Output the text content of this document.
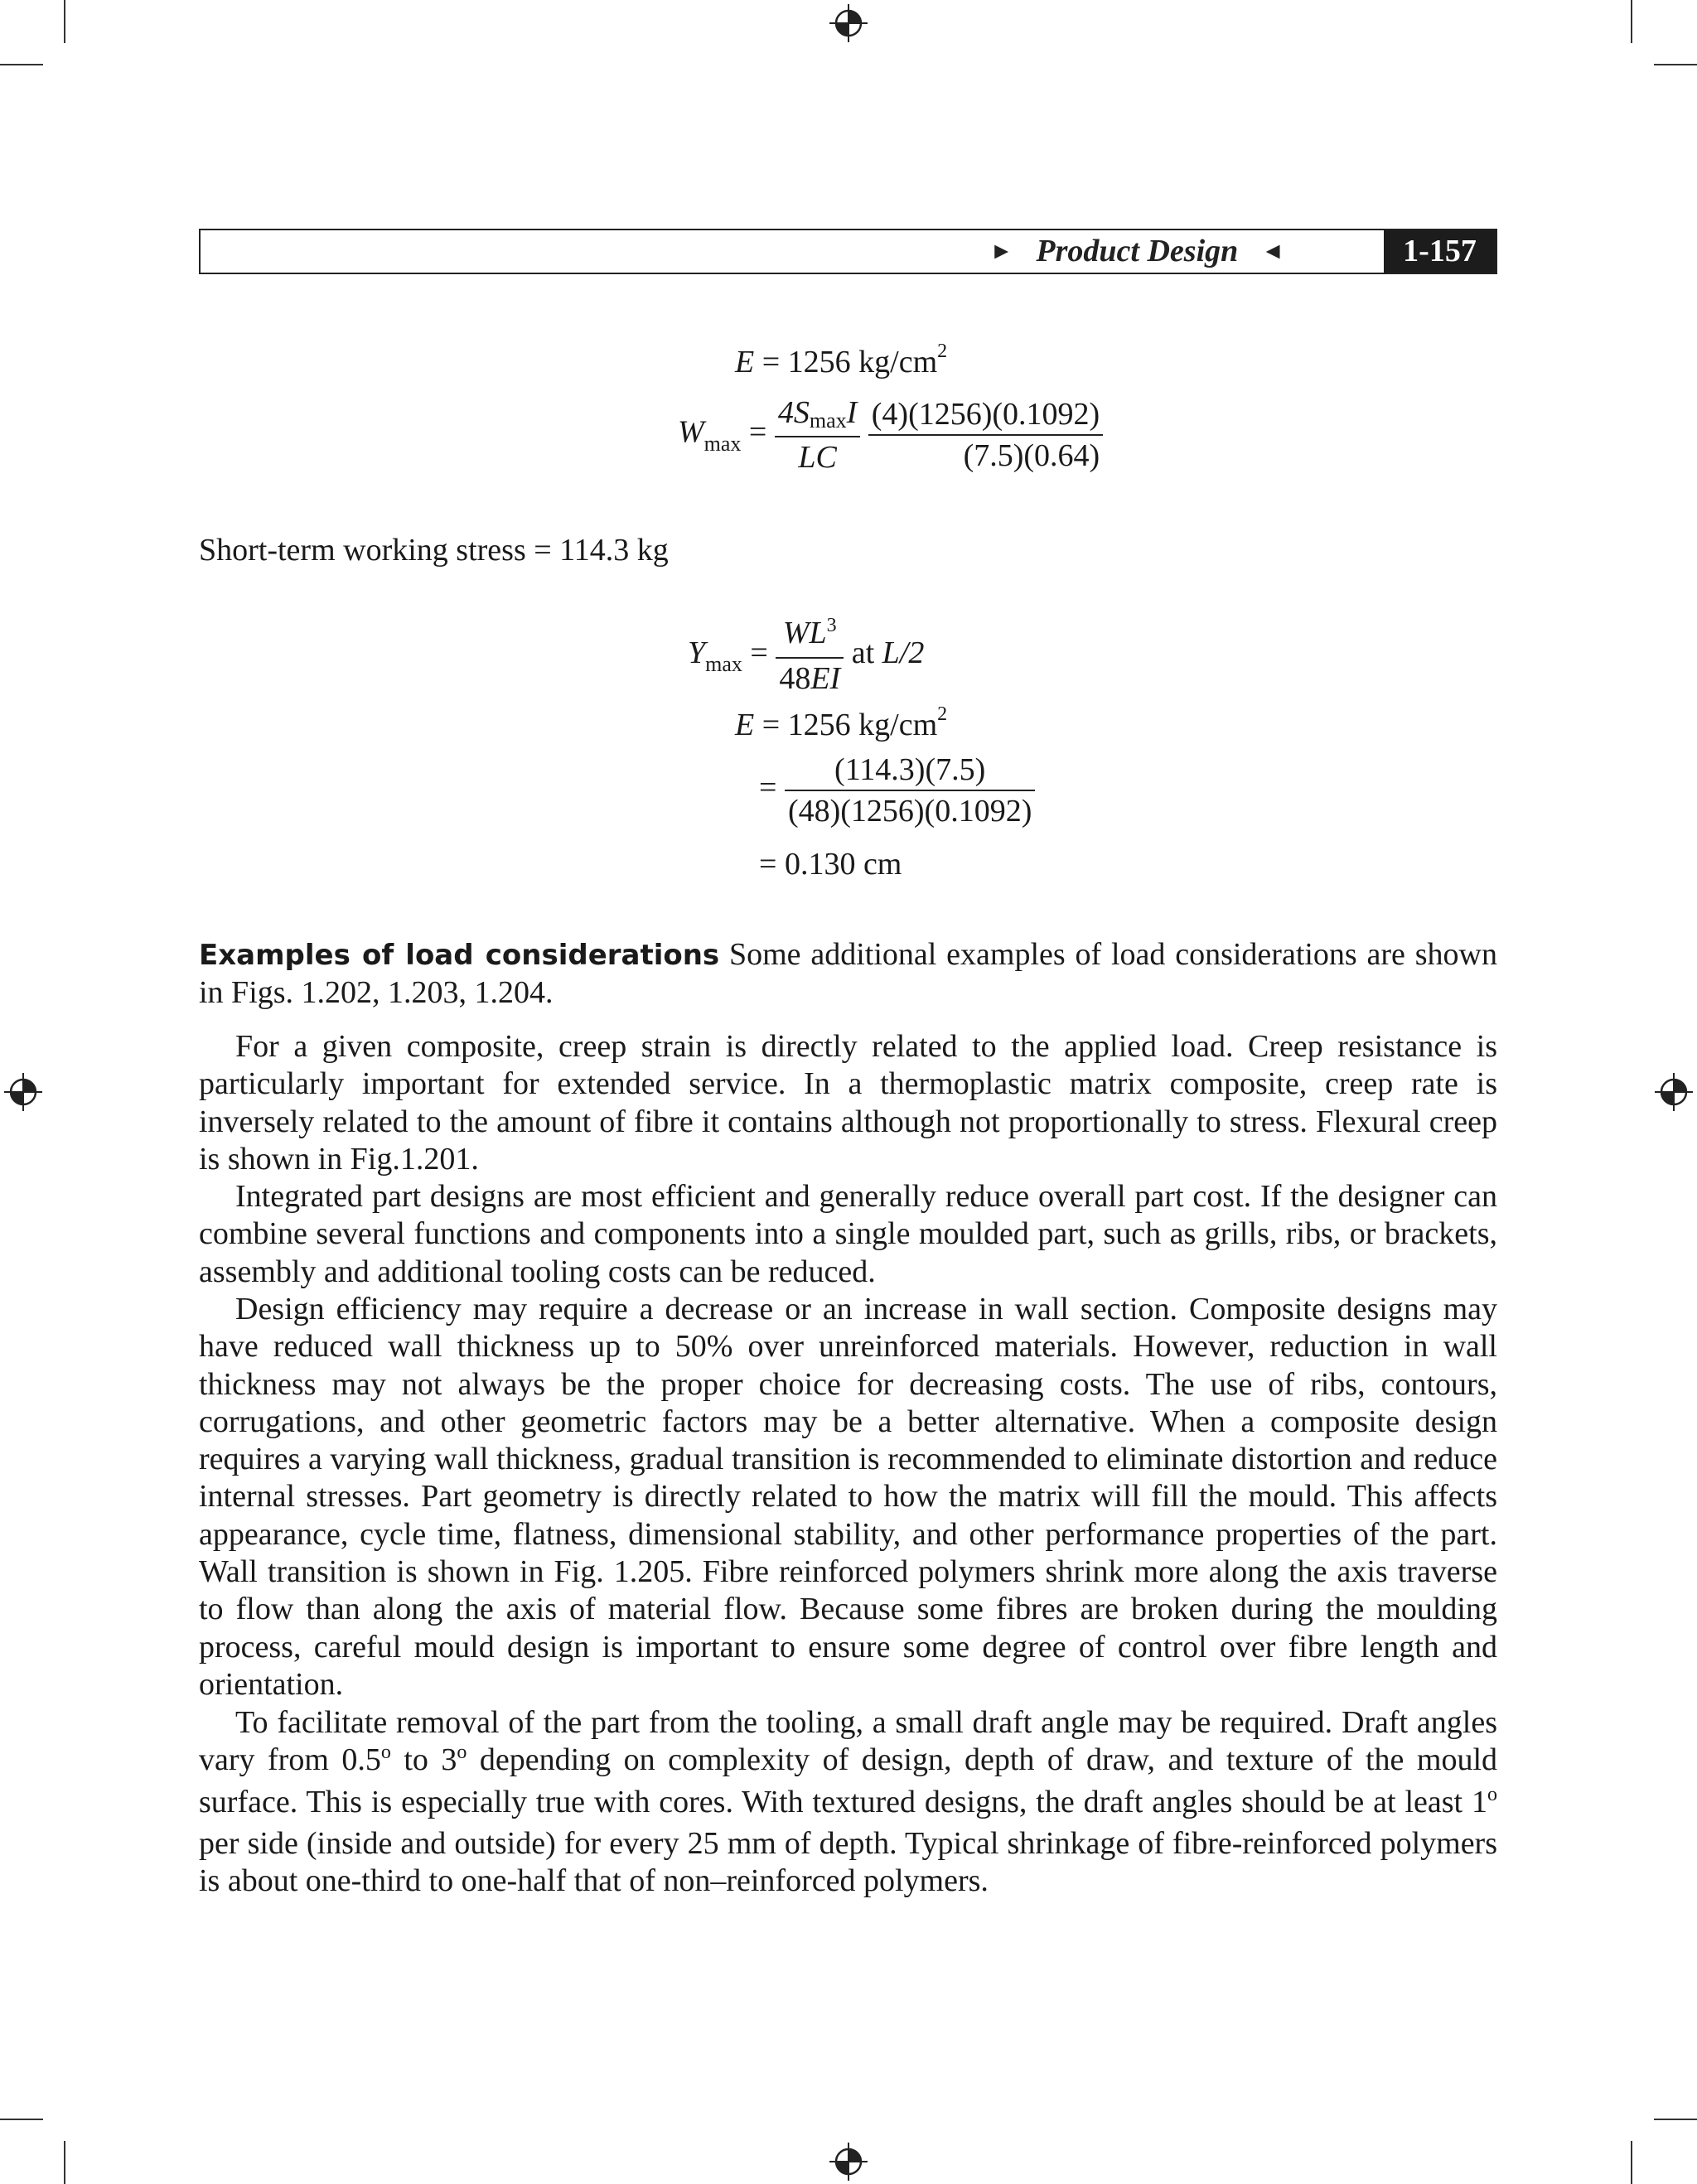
► Product Design ◄	1-157
E = 1256 $kg/cm^2$
$W_{max} = \frac{4SmaxI}{LC}$
$\frac{(4)(1256)(0.1092)}{(7.5)(0.64)}$
Short-term working stress = 114.3 kg
$Y_{max} = \frac{WL^3}{48EI}$ at L/2
E = 1256 $kg/cm^2$
= $\frac{(114.3)(7.5)}{(48)(1256)(0.1092)}$
= 0.130 cm

Examples of load considerations Some additional examples of load considerations are shown in Figs. 1.202, 1.203, 1.204.

For a given composite, creep strain is directly related to the applied load. Creep resistance is particularly important for extended service. In a thermoplastic matrix composite, creep rate is inversely related to the amount of fibre it contains although not proportionally to stress. Flexural creep is shown in Fig.1.201.

Integrated part designs are most efficient and generally reduce overall part cost. If the designer can combine several functions and components into a single moulded part, such as grills, ribs, or brackets, assembly and additional tooling costs can be reduced.

Design efficiency may require a decrease or an increase in wall section. Composite designs may have reduced wall thickness up to 50% over unreinforced materials. However, reduction in wall thickness may not always be the proper choice for decreasing costs. The use of ribs, contours, corrugations, and other geometric factors may be a better alternative. When a composite design requires a varying wall thickness, gradual transition is recommended to eliminate distortion and reduce internal stresses. Part geometry is directly related to how the matrix will fill the mould. This affects appearance, cycle time, flatness, dimensional stability, and other performance properties of the part. Wall transition is shown in Fig. 1.205. Fibre reinforced polymers shrink more along the axis traverse to flow than along the axis of material flow. Because some fibres are broken during the moulding process, careful mould design is important to ensure some degree of control over fibre length and orientation.

To facilitate removal of the part from the tooling, a small draft angle may be required. Draft angles vary from 0.5$^o$ to 3$^o$ depending on complexity of design, depth of draw, and texture of the mould surface. This is especially true with cores. With textured designs, the draft angles should be at least 1$^o$ per side (inside and outside) for every 25 mm of depth. Typical shrinkage of fibre-reinforced polymers is about one-third to one-half that of non–reinforced polymers.
